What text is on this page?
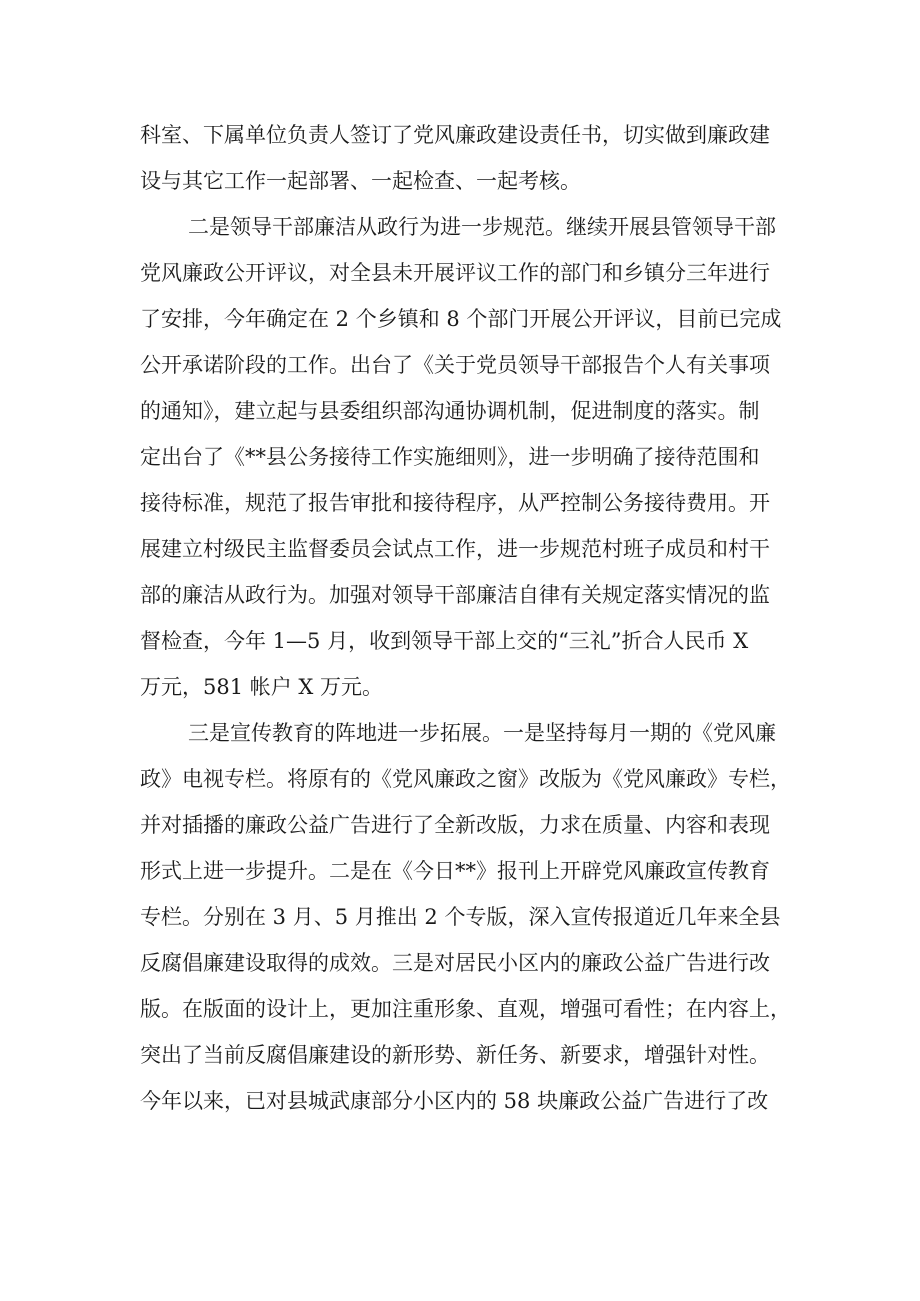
科室、下属单位负责人签订了党风廉政建设责任书，切实做到廉政建
设与其它工作一起部署、一起检查、一起考核。
二是领导干部廉洁从政行为进一步规范。继续开展县管领导干部
党风廉政公开评议，对全县未开展评议工作的部门和乡镇分三年进行
了安排，今年确定在 2 个乡镇和 8 个部门开展公开评议，目前已完成
公开承诺阶段的工作。出台了《关于党员领导干部报告个人有关事项
的通知》，建立起与县委组织部沟通协调机制，促进制度的落实。制
定出台了《**县公务接待工作实施细则》，进一步明确了接待范围和
接待标准，规范了报告审批和接待程序，从严控制公务接待费用。开
展建立村级民主监督委员会试点工作，进一步规范村班子成员和村干
部的廉洁从政行为。加强对领导干部廉洁自律有关规定落实情况的监
督检查，今年 1—5 月，收到领导干部上交的“三礼”折合人民币 X
万元，581 帐户 X 万元。
三是宣传教育的阵地进一步拓展。一是坚持每月一期的《党风廉
政》电视专栏。将原有的《党风廉政之窗》改版为《党风廉政》专栏，
并对插播的廉政公益广告进行了全新改版，力求在质量、内容和表现
形式上进一步提升。二是在《今日**》报刊上开辟党风廉政宣传教育
专栏。分别在 3 月、5 月推出 2 个专版，深入宣传报道近几年来全县
反腐倡廉建设取得的成效。三是对居民小区内的廉政公益广告进行改
版。在版面的设计上，更加注重形象、直观，增强可看性；在内容上，
突出了当前反腐倡廉建设的新形势、新任务、新要求，增强针对性。
今年以来，已对县城武康部分小区内的 58 块廉政公益广告进行了改
